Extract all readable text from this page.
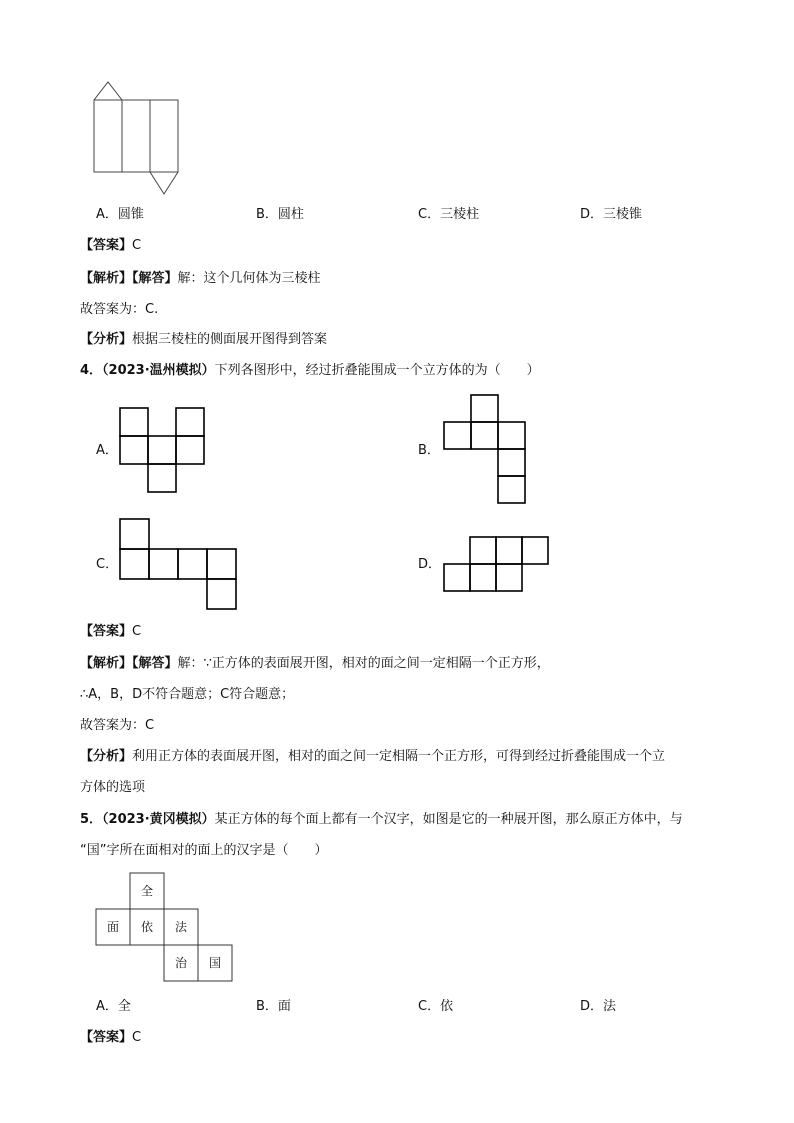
A．圆锥	B．圆柱	C．三棱柱	D．三棱锥
【答案】C
【解析】【解答】解：这个几何体为三棱柱
故答案为：C.
【分析】根据三棱柱的侧面展开图得到答案
4．（2023·温州模拟）下列各图形中，经过折叠能围成一个立方体的为（　　）
A．	B．
C．	D．
【答案】C
【解析】【解答】解：∵正方体的表面展开图，相对的面之间一定相隔一个正方形，
∴A，B，D不符合题意；C符合题意；
故答案为：C
【分析】利用正方体的表面展开图，相对的面之间一定相隔一个正方形，可得到经过折叠能围成一个立
方体的选项
5．（2023·黄冈模拟）某正方体的每个面上都有一个汉字，如图是它的一种展开图，那么原正方体中，与
“国”字所在面相对的面上的汉字是（　　）
全
面 依 法
治 国
A．全	B．面	C．依	D．法
【答案】C
